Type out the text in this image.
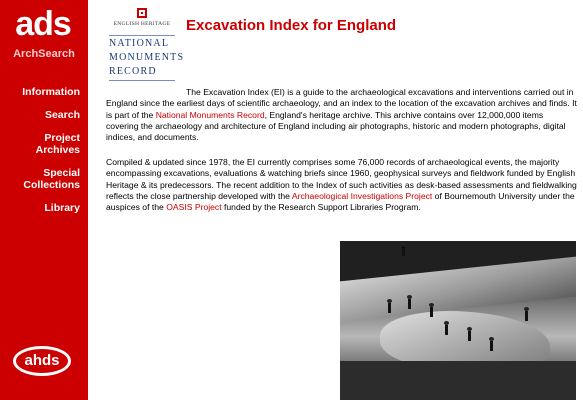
ads
ArchSearch
Information
Search
Project
Archives
Special
Collections
Library
ahds
ENGLISH HERITAGE
NATIONAL
MONUMENTS
RECORD
Excavation Index for England

The Excavation Index (EI) is a guide to the archaeological excavations and interventions carried out in England since the earliest days of scientific archaeology, and an index to the location of the excavation archives and finds. It is part of the National Monuments Record, England's heritage archive. This archive contains over 12,000,000 items covering the archaeology and architecture of England including air photographs, historic and modern photographs, digital indices, and documents.

Compiled & updated since 1978, the EI currently comprises some 76,000 records of archaeological events, the majority encompassing excavations, evaluations & watching briefs since 1960, geophysical surveys and fieldwork funded by English Heritage & its predecessors. The recent addition to the Index of such activities as desk-based assessments and fieldwalking reflects the close partnership developed with the Archaeological Investigations Project of Bournemouth University under the auspices of the OASIS Project funded by the Research Support Libraries Program.
